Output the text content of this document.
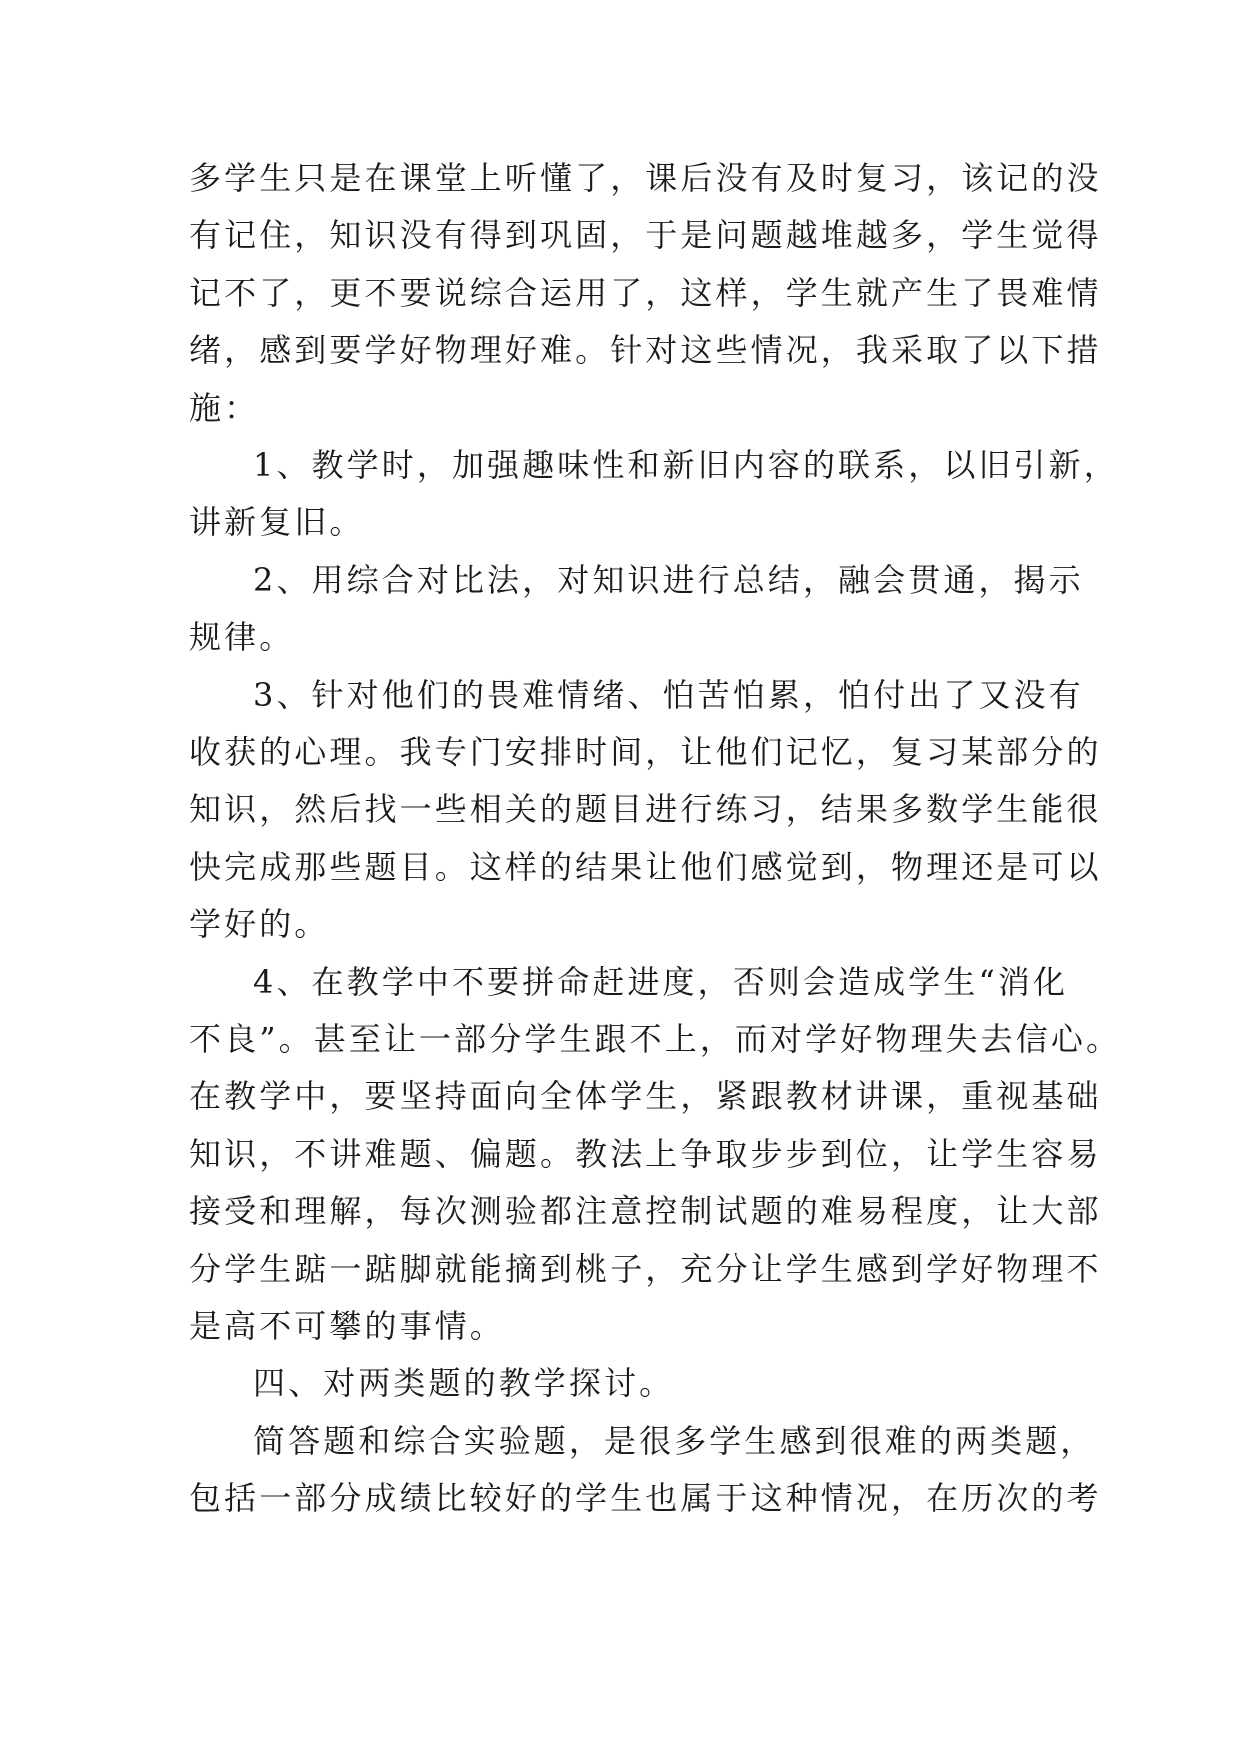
多学生只是在课堂上听懂了，课后没有及时复习，该记的没
有记住，知识没有得到巩固，于是问题越堆越多，学生觉得
记不了，更不要说综合运用了，这样，学生就产生了畏难情
绪，感到要学好物理好难。针对这些情况，我采取了以下措
施：
1、教学时，加强趣味性和新旧内容的联系，以旧引新，
讲新复旧。
2、用综合对比法，对知识进行总结，融会贯通，揭示
规律。
3、针对他们的畏难情绪、怕苦怕累，怕付出了又没有
收获的心理。我专门安排时间，让他们记忆，复习某部分的
知识，然后找一些相关的题目进行练习，结果多数学生能很
快完成那些题目。这样的结果让他们感觉到，物理还是可以
学好的。
4、在教学中不要拼命赶进度，否则会造成学生“消化
不良”。甚至让一部分学生跟不上，而对学好物理失去信心。
在教学中，要坚持面向全体学生，紧跟教材讲课，重视基础
知识，不讲难题、偏题。教法上争取步步到位，让学生容易
接受和理解，每次测验都注意控制试题的难易程度，让大部
分学生踮一踮脚就能摘到桃子，充分让学生感到学好物理不
是高不可攀的事情。
四、对两类题的教学探讨。
简答题和综合实验题，是很多学生感到很难的两类题，
包括一部分成绩比较好的学生也属于这种情况，在历次的考
